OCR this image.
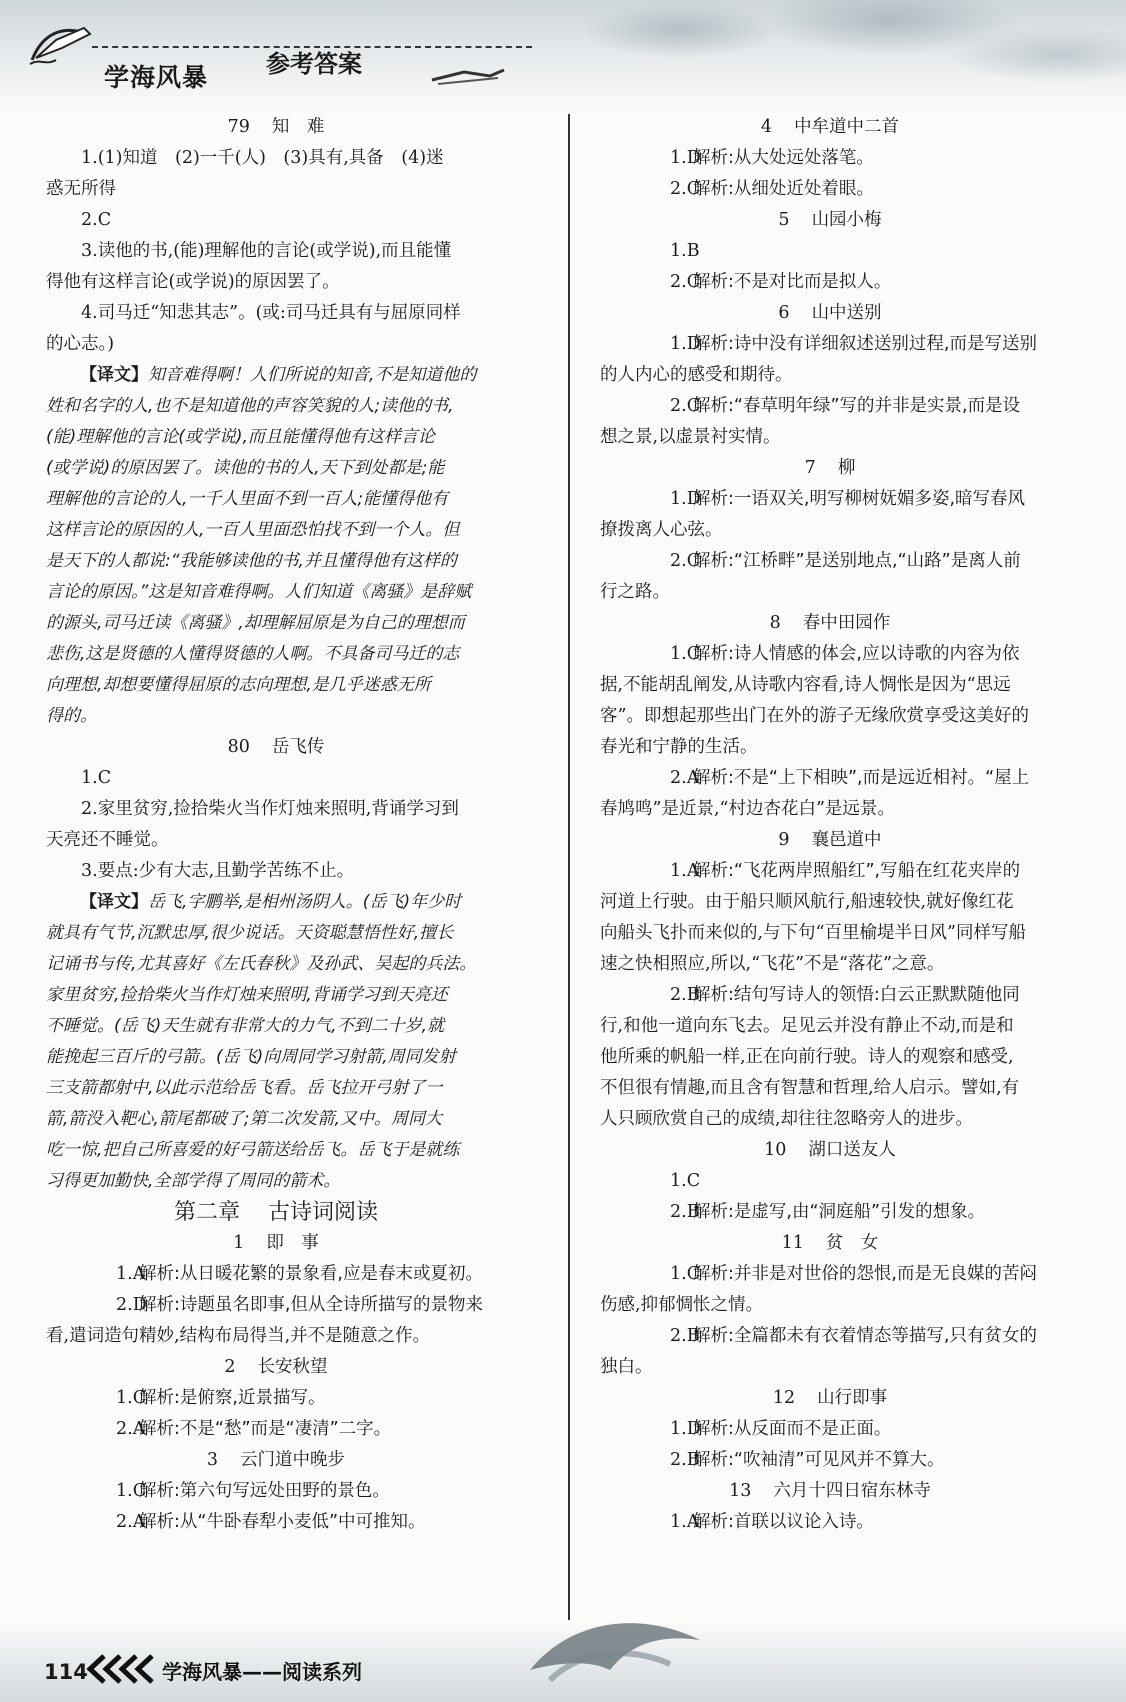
学海风暴 参考答案

79 知　难

1.(1)知道　(2)一千(人)　(3)具有,具备　(4)迷

惑无所得

2.C

3.读他的书,(能)理解他的言论(或学说),而且能懂

得他有这样言论(或学说)的原因罢了。

4.司马迁“知悲其志”。(或:司马迁具有与屈原同样

的心志。)

【译文】知音难得啊！人们所说的知音,不是知道他的
姓和名字的人,也不是知道他的声容笑貌的人;读他的书,
(能)理解他的言论(或学说),而且能懂得他有这样言论
(或学说)的原因罢了。读他的书的人,天下到处都是;能
理解他的言论的人,一千人里面不到一百人;能懂得他有
这样言论的原因的人,一百人里面恐怕找不到一个人。但
是天下的人都说:“我能够读他的书,并且懂得他有这样的
言论的原因。”这是知音难得啊。人们知道《离骚》是辞赋
的源头,司马迁读《离骚》,却理解屈原是为自己的理想而
悲伤,这是贤德的人懂得贤德的人啊。不具备司马迁的志
向理想,却想要懂得屈原的志向理想,是几乎迷惑无所
得的。

80 岳飞传

1.C

2.家里贫穷,捡拾柴火当作灯烛来照明,背诵学习到

天亮还不睡觉。

3.要点:少有大志,且勤学苦练不止。

【译文】岳飞,字鹏举,是相州汤阴人。(岳飞)年少时
就具有气节,沉默忠厚,很少说话。天资聪慧悟性好,擅长
记诵书与传,尤其喜好《左氏春秋》及孙武、吴起的兵法。
家里贫穷,捡拾柴火当作灯烛来照明,背诵学习到天亮还
不睡觉。(岳飞)天生就有非常大的力气,不到二十岁,就
能挽起三百斤的弓箭。(岳飞)向周同学习射箭,周同发射
三支箭都射中,以此示范给岳飞看。岳飞拉开弓射了一
箭,箭没入靶心,箭尾都破了;第二次发箭,又中。周同大
吃一惊,把自己所喜爱的好弓箭送给岳飞。岳飞于是就练
习得更加勤快,全部学得了周同的箭术。

第二章 古诗词阅读

1 即　事

1.A解析:从日暖花繁的景象看,应是春末或夏初。

2.D解析:诗题虽名即事,但从全诗所描写的景物来

看,遣词造句精妙,结构布局得当,并不是随意之作。

2 长安秋望

1.C解析:是俯察,近景描写。

2.A解析:不是“愁”而是“凄清”二字。

3 云门道中晚步

1.C解析:第六句写远处田野的景色。

2.A解析:从“牛卧春犁小麦低”中可推知。

4 中牟道中二首

1.D解析:从大处远处落笔。

2.C解析:从细处近处着眼。

5 山园小梅

1.B

2.C解析:不是对比而是拟人。

6 山中送别

1.D解析:诗中没有详细叙述送别过程,而是写送别

的人内心的感受和期待。

2.C解析:“春草明年绿”写的并非是实景,而是设

想之景,以虚景衬实情。

7 柳

1.D解析:一语双关,明写柳树妩媚多姿,暗写春风

撩拨离人心弦。

2.C解析:“江桥畔”是送别地点,“山路”是离人前

行之路。

8 春中田园作

1.C解析:诗人情感的体会,应以诗歌的内容为依

据,不能胡乱阐发,从诗歌内容看,诗人惆怅是因为“思远

客”。即想起那些出门在外的游子无缘欣赏享受这美好的

春光和宁静的生活。

2.A解析:不是“上下相映”,而是远近相衬。“屋上

春鸠鸣”是近景,“村边杏花白”是远景。

9 襄邑道中

1.A解析:“飞花两岸照船红”,写船在红花夹岸的

河道上行驶。由于船只顺风航行,船速较快,就好像红花

向船头飞扑而来似的,与下句“百里榆堤半日风”同样写船

速之快相照应,所以,“飞花”不是“落花”之意。

2.B解析:结句写诗人的领悟:白云正默默随他同

行,和他一道向东飞去。足见云并没有静止不动,而是和

他所乘的帆船一样,正在向前行驶。诗人的观察和感受,

不但很有情趣,而且含有智慧和哲理,给人启示。譬如,有

人只顾欣赏自己的成绩,却往往忽略旁人的进步。

10 湖口送友人

1.C

2.B解析:是虚写,由“洞庭船”引发的想象。

11 贫　女

1.C解析:并非是对世俗的怨恨,而是无良媒的苦闷

伤感,抑郁惆怅之情。

2.B解析:全篇都未有衣着情态等描写,只有贫女的

独白。

12 山行即事

1.D解析:从反面而不是正面。

2.B解析:“吹袖清”可见风并不算大。

13 六月十四日宿东林寺

1.A解析:首联以议论入诗。

114	学海风暴——阅读系列
